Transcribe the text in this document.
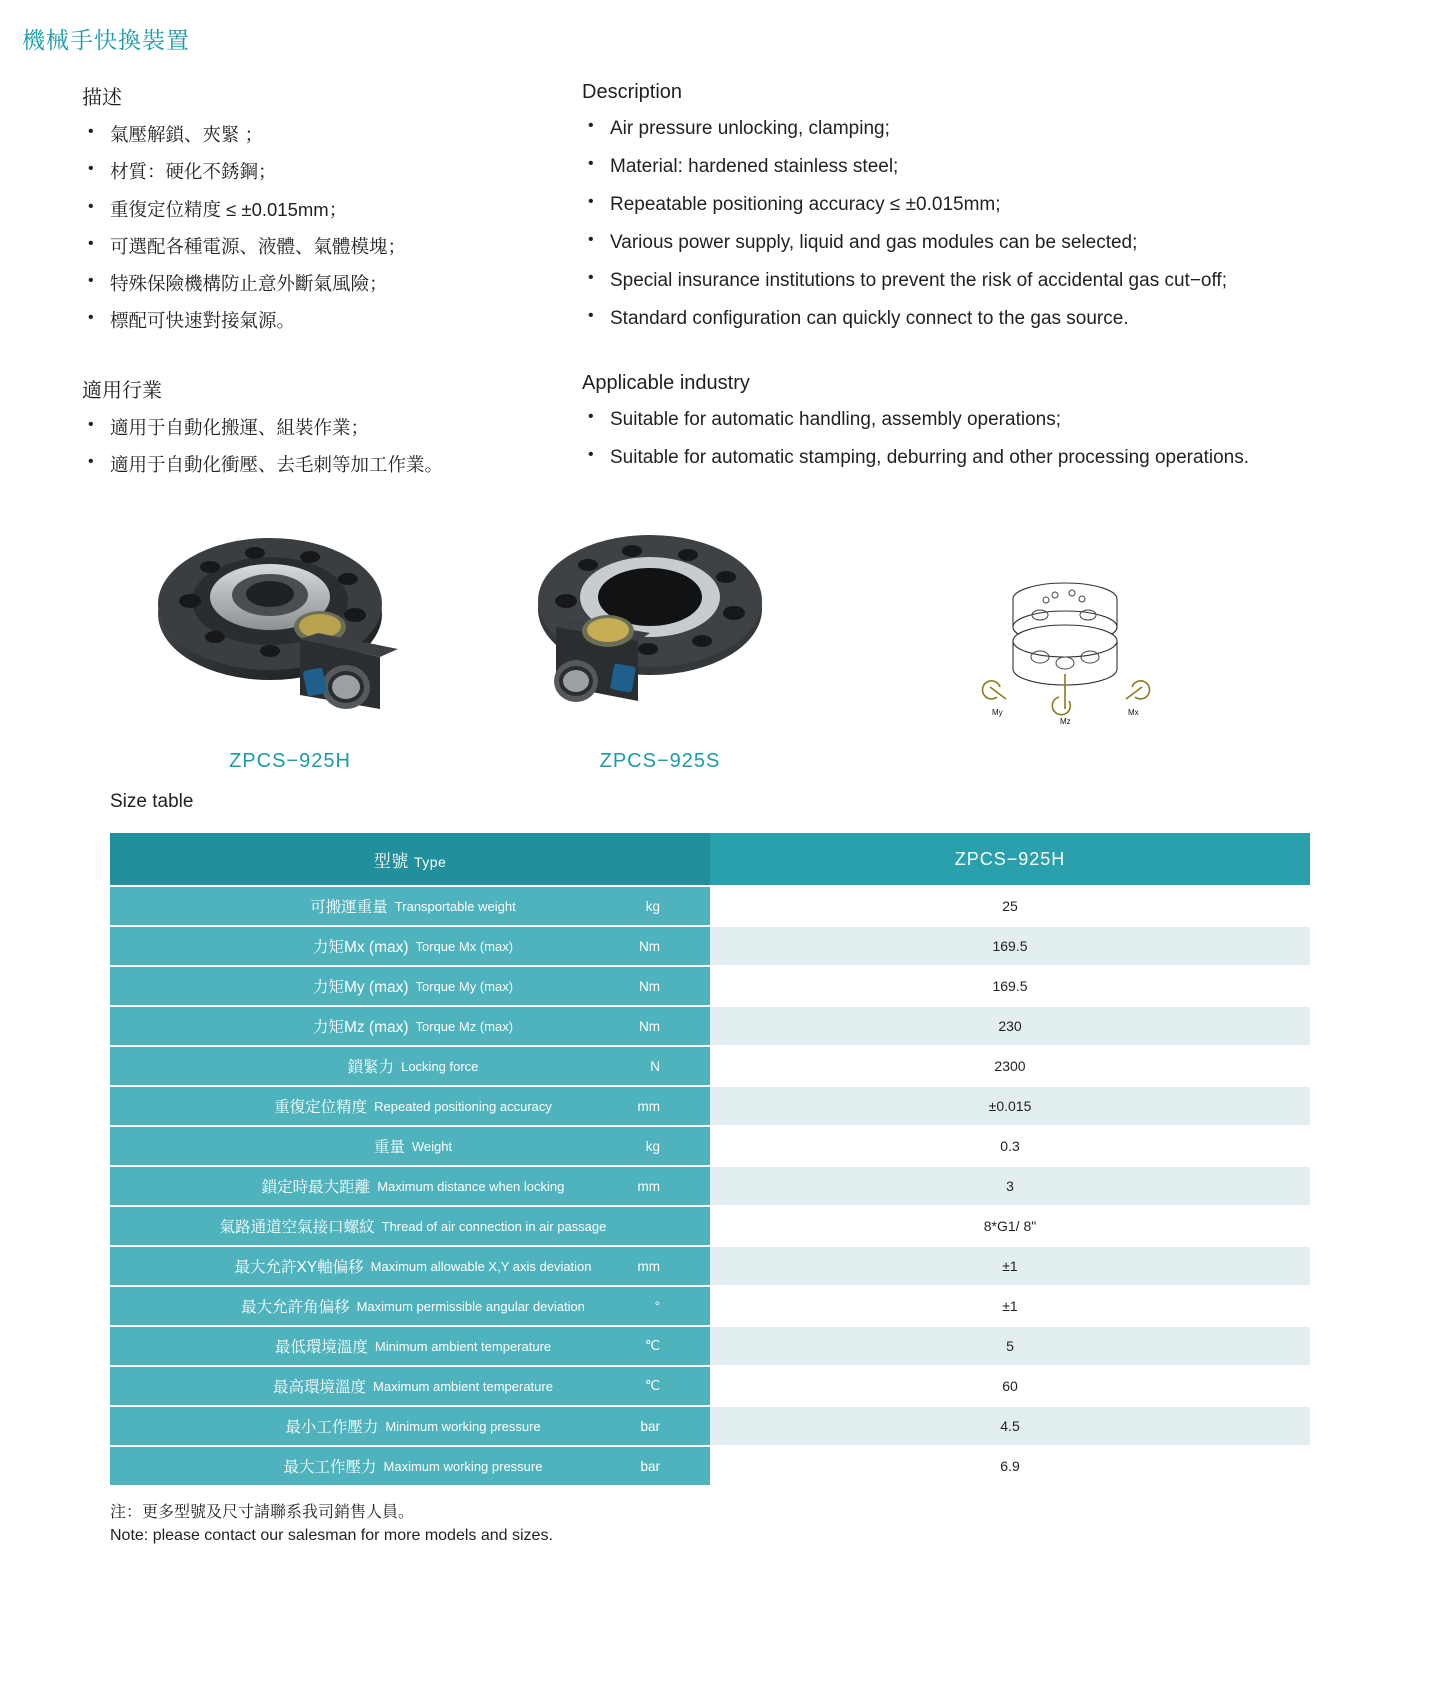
機械手快換裝置
描述
• 氣壓解鎖、夾緊 ；
• 材質：硬化不銹鋼；
• 重復定位精度 ≤ ±0.015mm；
• 可選配各種電源、液體、氣體模塊；
• 特殊保險機構防止意外斷氣風險；
• 標配可快速對接氣源。
適用行業
• 適用于自動化搬運、組裝作業；
• 適用于自動化衝壓、去毛刺等加工作業。
Description
• Air pressure unlocking, clamping;
• Material: hardened stainless steel;
• Repeatable positioning accuracy ≤ ±0.015mm;
• Various power supply, liquid and gas modules can be selected;
• Special insurance institutions to prevent the risk of accidental gas cut−off;
• Standard configuration can quickly connect to the gas source.
Applicable industry
• Suitable for automatic handling, assembly operations;
• Suitable for automatic stamping, deburring and other processing operations.
ZPCS−925H	ZPCS−925S
My
Mz
Mx
Size table
型號 Type	ZPCS−925H

可搬運重量 Transportable weight kg	25

力矩Mx (max) Torque Mx (max) Nm	169.5

力矩My (max) Torque My (max) Nm	169.5

力矩Mz (max) Torque Mz (max) Nm	230

鎖緊力 Locking force N	2300

重復定位精度 Repeated positioning accuracy mm	±0.015

重量 Weight kg	0.3

鎖定時最大距離 Maximum distance when locking mm	3

氣路通道空氣接口螺紋 Thread of air connection in air passage	8*G1/ 8"

最大允許XY軸偏移 Maximum allowable X,Y axis deviation mm	±1

最大允許角偏移 Maximum permissible angular deviation °	±1

最低環境溫度 Minimum ambient temperature ℃	5

最高環境溫度 Maximum ambient temperature ℃	60

最小工作壓力 Minimum working pressure bar	4.5

最大工作壓力 Maximum working pressure bar	6.9
注：更多型號及尺寸請聯系我司銷售人員。
Note: please contact our salesman for more models and sizes.
